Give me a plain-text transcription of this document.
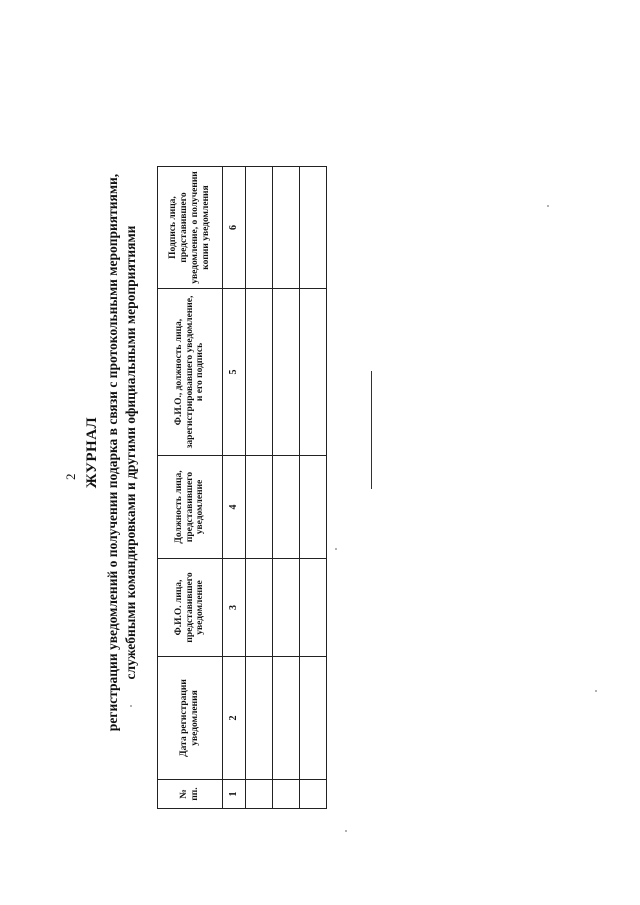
2 ЖУРНАЛ регистрации уведомлений о получении подарка в связи с протокольными мероприятиями, служебными командировками и другими официальными мероприятиями
№ пп.	Дата регистрации уведомления	Ф.И.О. лица, представившего уведомление	Должность лица, представившего уведомление	Ф.И.О., должность лица, зарегистрировавшего уведомление, и его подпись	Подпись лица, представившего уведомление, о получении копии уведомления
1	2	3	4	5	6
